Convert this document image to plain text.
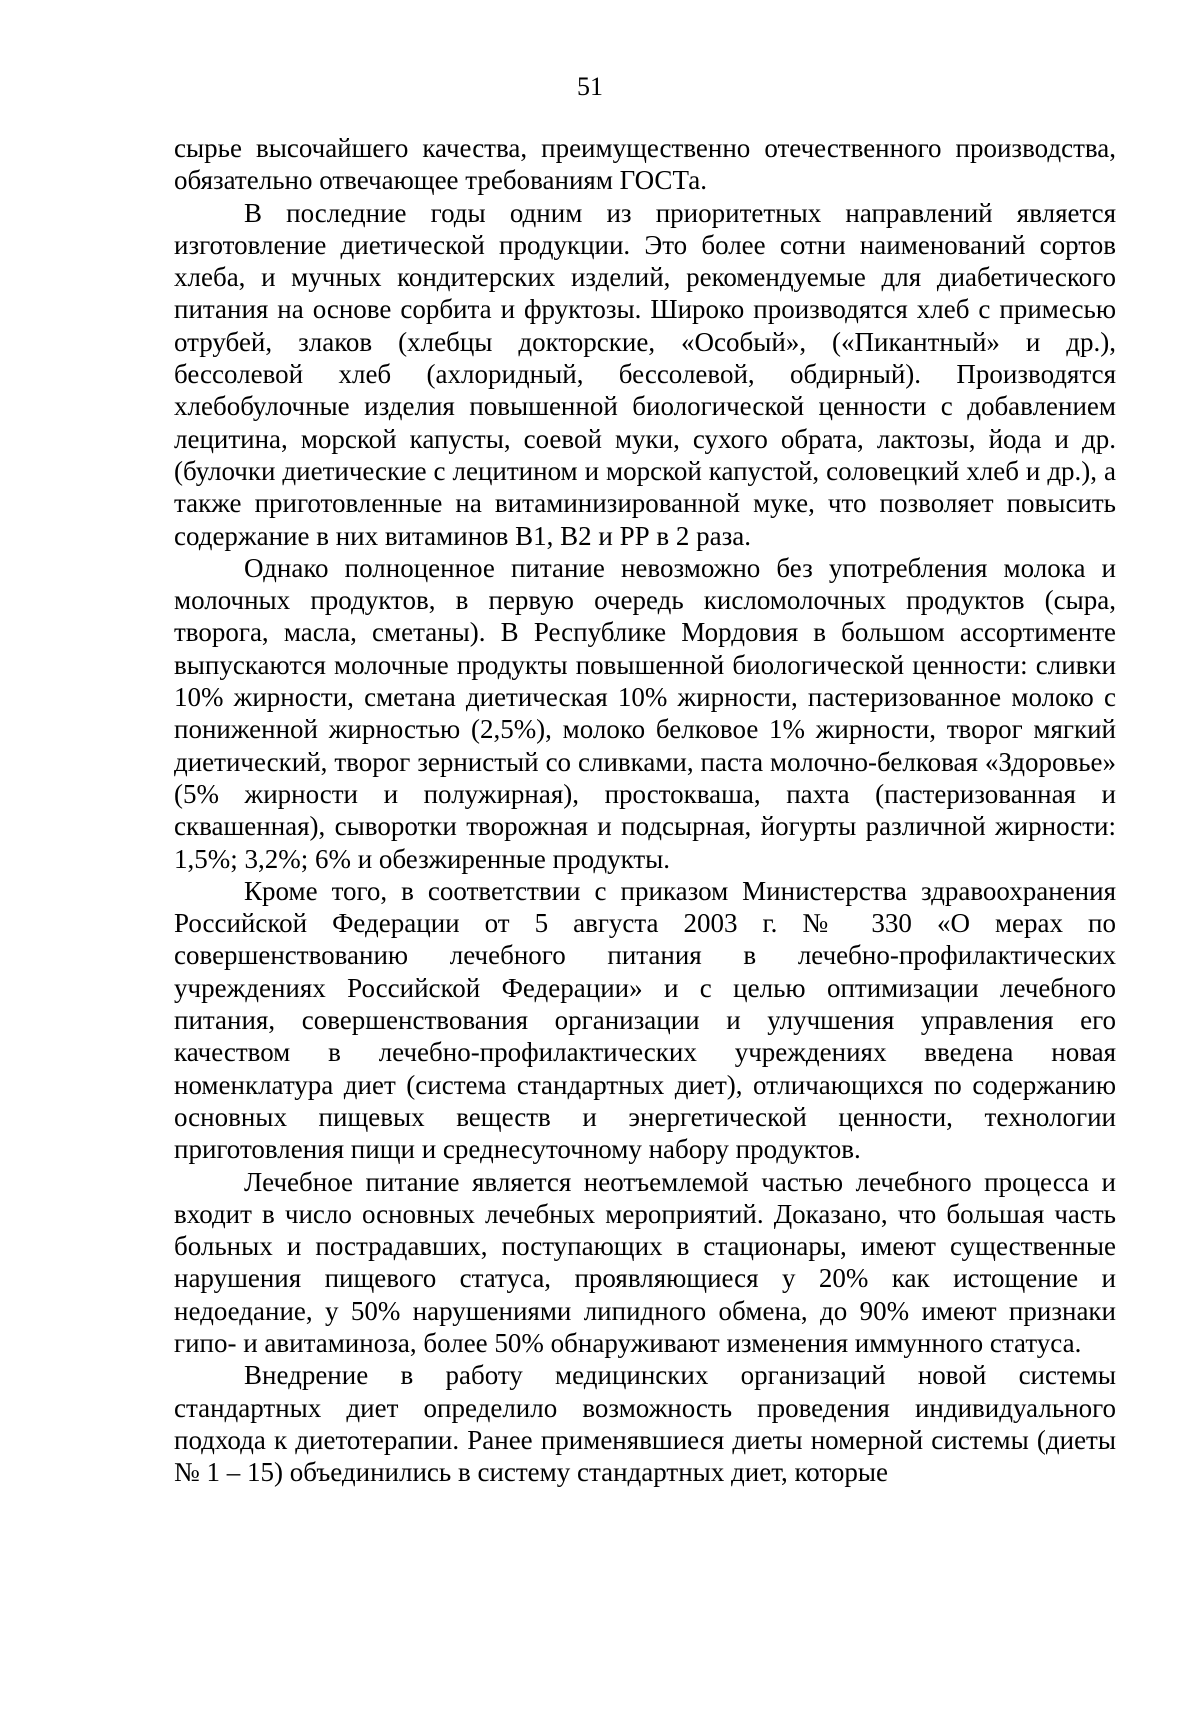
51

сырье высочайшего качества, преимущественно отечественного производства, обязательно отвечающее требованиям ГОСТа.

В последние годы одним из приоритетных направлений является изготовление диетической продукции. Это более сотни наименований сортов хлеба, и мучных кондитерских изделий, рекомендуемые для диабетического питания на основе сорбита и фруктозы. Широко производятся хлеб с примесью отрубей, злаков (хлебцы докторские, «Особый», («Пикантный» и др.), бессолевой хлеб (ахлоридный, бессолевой, обдирный). Производятся хлебобулочные изделия повышенной биологической ценности с добавлением лецитина, морской капусты, соевой муки, сухого обрата, лактозы, йода и др. (булочки диетические с лецитином и морской капустой, соловецкий хлеб и др.), а также приготовленные на витаминизированной муке, что позволяет повысить содержание в них витаминов В1, В2 и РР в 2 раза.

Однако полноценное питание невозможно без употребления молока и молочных продуктов, в первую очередь кисломолочных продуктов (сыра, творога, масла, сметаны). В Республике Мордовия в большом ассортименте выпускаются молочные продукты повышенной биологической ценности: сливки 10% жирности, сметана диетическая 10% жирности, пастеризованное молоко с пониженной жирностью (2,5%), молоко белковое 1% жирности, творог мягкий диетический, творог зернистый со сливками, паста молочно-белковая «Здоровье» (5% жирности и полужирная), простокваша, пахта (пастеризованная и сквашенная), сыворотки творожная и подсырная, йогурты различной жирности: 1,5%; 3,2%; 6% и обезжиренные продукты.

Кроме того, в соответствии с приказом Министерства здравоохранения Российской Федерации от 5 августа 2003 г. № 330 «О мерах по совершенствованию лечебного питания в лечебно-профилактических учреждениях Российской Федерации» и с целью оптимизации лечебного питания, совершенствования организации и улучшения управления его качеством в лечебно-профилактических учреждениях введена новая номенклатура диет (система стандартных диет), отличающихся по содержанию основных пищевых веществ и энергетической ценности, технологии приготовления пищи и среднесуточному набору продуктов.

Лечебное питание является неотъемлемой частью лечебного процесса и входит в число основных лечебных мероприятий. Доказано, что большая часть больных и пострадавших, поступающих в стационары, имеют существенные нарушения пищевого статуса, проявляющиеся у 20% как истощение и недоедание, у 50% нарушениями липидного обмена, до 90% имеют признаки гипо- и авитаминоза, более 50% обнаруживают изменения иммунного статуса.

Внедрение в работу медицинских организаций новой системы стандартных диет определило возможность проведения индивидуального подхода к диетотерапии. Ранее применявшиеся диеты номерной системы (диеты № 1 – 15) объединились в систему стандартных диет, которые
